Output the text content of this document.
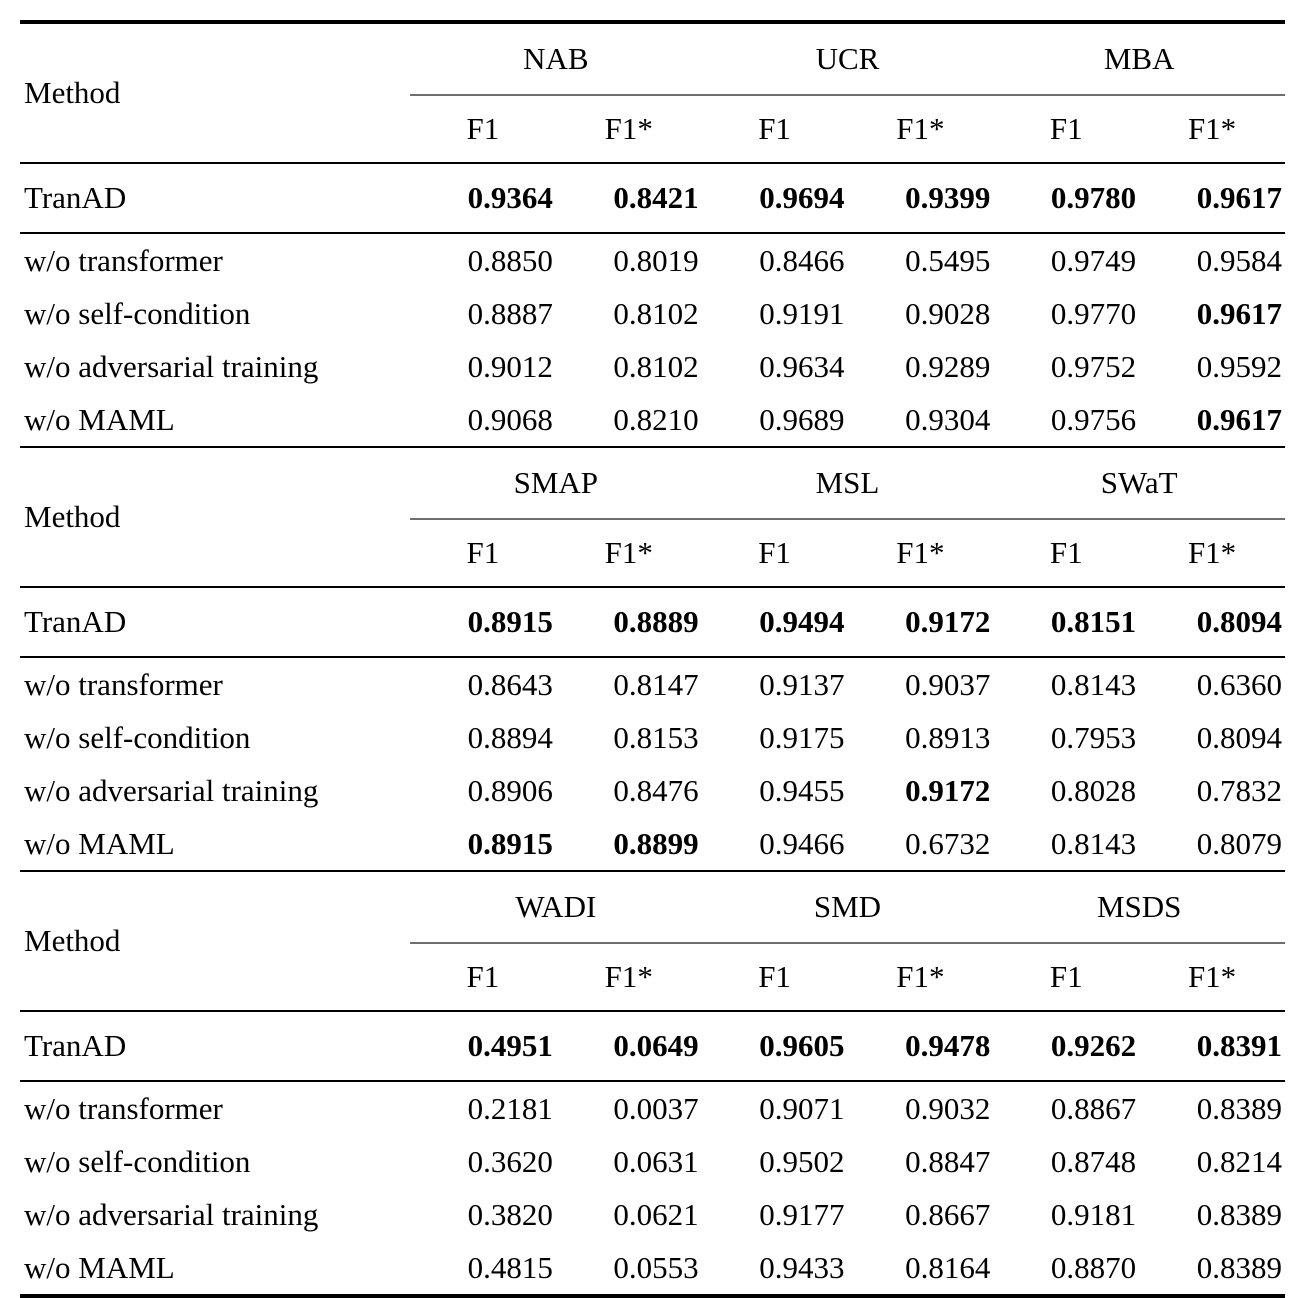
Method	NAB		UCR		MBA	
	F1	F1*	F1	F1*	F1	F1*
TranAD	0.9364	0.8421	0.9694	0.9399	0.9780	0.9617
w/o transformer	0.8850	0.8019	0.8466	0.5495	0.9749	0.9584
w/o self-condition	0.8887	0.8102	0.9191	0.9028	0.9770	0.9617
w/o adversarial training	0.9012	0.8102	0.9634	0.9289	0.9752	0.9592
w/o MAML	0.9068	0.8210	0.9689	0.9304	0.9756	0.9617
Method	SMAP		MSL		SWaT	
	F1	F1*	F1	F1*	F1	F1*
TranAD	0.8915	0.8889	0.9494	0.9172	0.8151	0.8094
w/o transformer	0.8643	0.8147	0.9137	0.9037	0.8143	0.6360
w/o self-condition	0.8894	0.8153	0.9175	0.8913	0.7953	0.8094
w/o adversarial training	0.8906	0.8476	0.9455	0.9172	0.8028	0.7832
w/o MAML	0.8915	0.8899	0.9466	0.6732	0.8143	0.8079
Method	WADI		SMD		MSDS	
	F1	F1*	F1	F1*	F1	F1*
TranAD	0.4951	0.0649	0.9605	0.9478	0.9262	0.8391
w/o transformer	0.2181	0.0037	0.9071	0.9032	0.8867	0.8389
w/o self-condition	0.3620	0.0631	0.9502	0.8847	0.8748	0.8214
w/o adversarial training	0.3820	0.0621	0.9177	0.8667	0.9181	0.8389
w/o MAML	0.4815	0.0553	0.9433	0.8164	0.8870	0.8389
